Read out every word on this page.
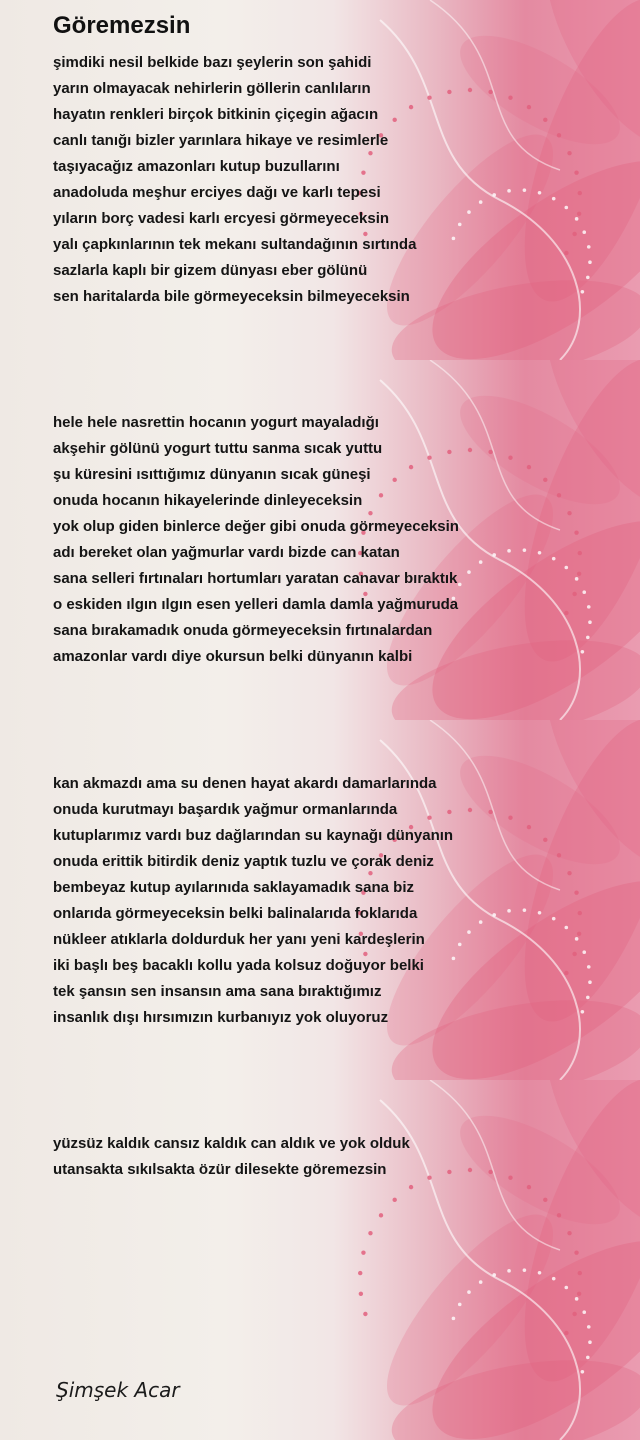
Göremezsin
şimdiki nesil belkide bazı şeylerin son şahidi
yarın olmayacak nehirlerin göllerin canlıların
hayatın renkleri birçok bitkinin çiçegin ağacın
canlı tanığı bizler yarınlara hikaye ve resimlerle
taşıyacağız amazonları kutup buzullarını
anadoluda meşhur erciyes dağı ve karlı tepesi
yıların borç vadesi karlı ercyesi görmeyeceksin
yalı çapkınlarının tek mekanı sultandağının sırtında
sazlarla kaplı bir gizem dünyası eber gölünü
sen haritalarda bile görmeyeceksin bilmeyeceksin
hele hele nasrettin hocanın yogurt mayaladığı
akşehir gölünü yogurt tuttu sanma sıcak yuttu
şu küresini ısıttığımız dünyanın sıcak güneşi
onuda hocanın hikayelerinde dinleyeceksin
yok olup giden binlerce değer gibi onuda görmeyeceksin
adı bereket olan yağmurlar vardı bizde can katan
sana selleri fırtınaları hortumları yaratan canavar bıraktık
o eskiden ılgın ılgın esen yelleri damla damla yağmuruda
sana bırakamadık onuda görmeyeceksin fırtınalardan
amazonlar vardı diye okursun belki dünyanın kalbi
kan akmazdı ama su denen hayat akardı damarlarında
onuda kurutmayı başardık yağmur ormanlarında
kutuplarımız vardı buz dağlarından su kaynağı dünyanın
onuda erittik bitirdik deniz yaptık tuzlu ve çorak deniz
bembeyaz kutup ayılarınıda saklayamadık sana biz
onlarıda görmeyeceksin belki balinalarıda foklarıda
nükleer atıklarla doldurduk her yanı yeni kardeşlerin
iki başlı beş bacaklı kollu yada kolsuz doğuyor belki
tek şansın sen insansın ama sana bıraktığımız
insanlık dışı hırsımızın kurbanıyız yok oluyoruz
yüzsüz kaldık cansız kaldık can aldık ve yok olduk
utansakta sıkılsakta özür dilesekte göremezsin
Şimşek Acar
